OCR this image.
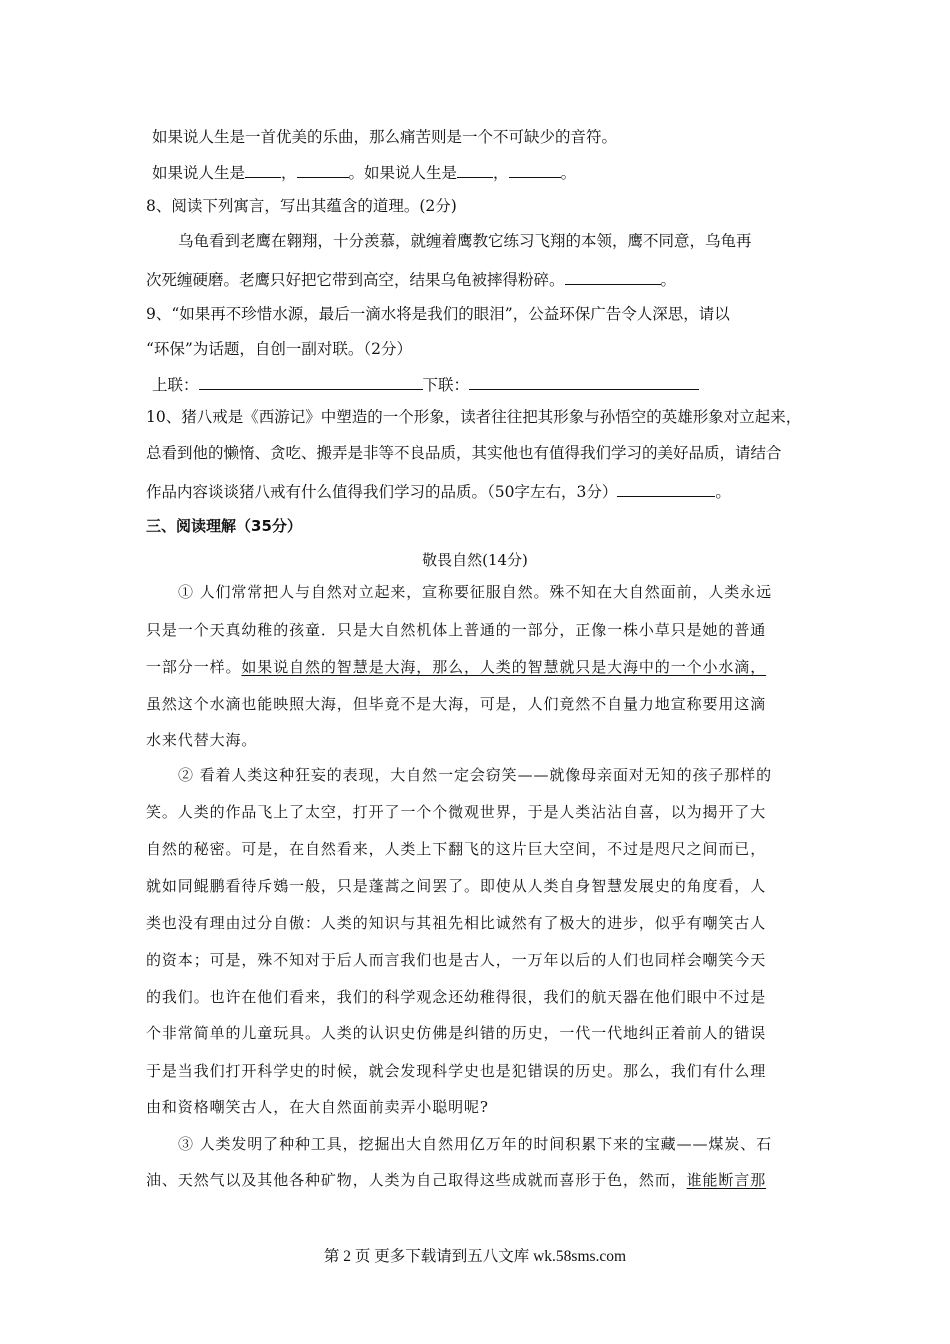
如果说人生是一首优美的乐曲，那么痛苦则是一个不可缺少的音符。
如果说人生是 ，	。如果说人生是 ，	。
8、阅读下列寓言，写出其蕴含的道理。(2分)
乌龟看到老鹰在翱翔，十分羡慕，就缠着鹰教它练习飞翔的本领，鹰不同意，乌龟再
次死缠硬磨。老鹰只好把它带到高空，结果乌龟被摔得粉碎。	。
9、“如果再不珍惜水源，最后一滴水将是我们的眼泪”，公益环保广告令人深思，请以
“环保”为话题，自创一副对联。（2分）
上联：	下联：
10、猪八戒是《西游记》中塑造的一个形象，读者往往把其形象与孙悟空的英雄形象对立起来，
总看到他的懒惰、贪吃、搬弄是非等不良品质，其实他也有值得我们学习的美好品质，请结合
作品内容谈谈猪八戒有什么值得我们学习的品质。（50字左右，3分）	。
三、阅读理解（35分）
敬畏自然(14分)
① 人们常常把人与自然对立起来，宣称要征服自然。殊不知在大自然面前，人类永远
只是一个天真幼稚的孩童．只是大自然机体上普通的一部分，正像一株小草只是她的普通
一部分一样。如果说自然的智慧是大海，那么，人类的智慧就只是大海中的一个小水滴，
虽然这个水滴也能映照大海，但毕竟不是大海，可是，人们竟然不自量力地宣称要用这滴
水来代替大海。
② 看着人类这种狂妄的表现，大自然一定会窃笑——就像母亲面对无知的孩子那样的
笑。人类的作品飞上了太空，打开了一个个微观世界，于是人类沾沾自喜，以为揭开了大
自然的秘密。可是，在自然看来，人类上下翻飞的这片巨大空间，不过是咫尺之间而已，
就如同鲲鹏看待斥鴳一般，只是蓬蒿之间罢了。即使从人类自身智慧发展史的角度看，人
类也没有理由过分自傲：人类的知识与其祖先相比诚然有了极大的进步，似乎有嘲笑古人
的资本；可是，殊不知对于后人而言我们也是古人，一万年以后的人们也同样会嘲笑今天
的我们。也许在他们看来，我们的科学观念还幼稚得很，我们的航天器在他们眼中不过是
个非常简单的儿童玩具。人类的认识史仿佛是纠错的历史，一代一代地纠正着前人的错误
于是当我们打开科学史的时候，就会发现科学史也是犯错误的历史。那么，我们有什么理
由和资格嘲笑古人，在大自然面前卖弄小聪明呢?
③ 人类发明了种种工具，挖掘出大自然用亿万年的时间积累下来的宝藏——煤炭、石
油、天然气以及其他各种矿物，人类为自己取得这些成就而喜形于色，然而，谁能断言那
第 2 页 更多下载请到五八文库 wk.58sms.com
